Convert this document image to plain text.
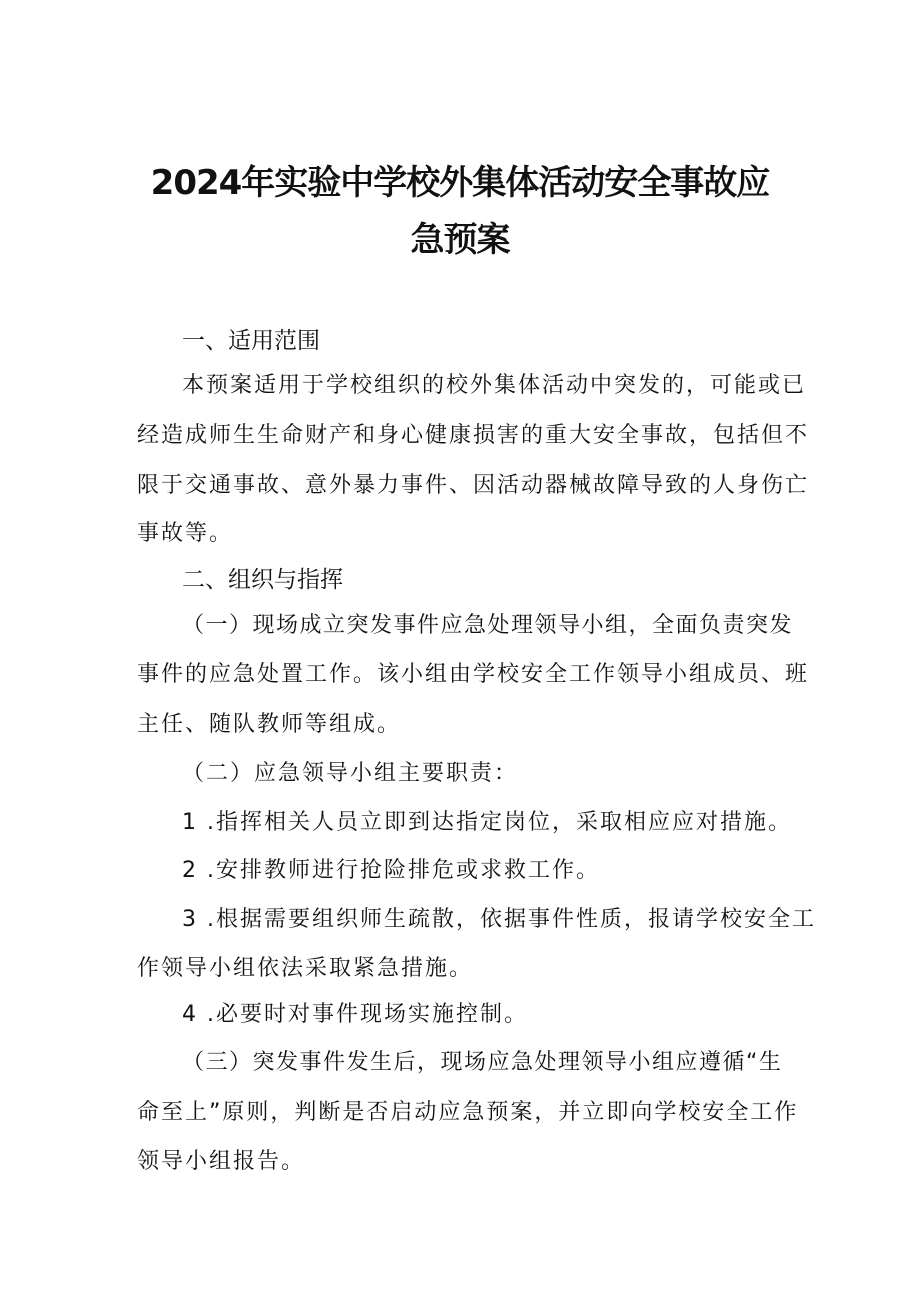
2024年实验中学校外集体活动安全事故应
急预案
一、适用范围
本预案适用于学校组织的校外集体活动中突发的，可能或已
经造成师生生命财产和身心健康损害的重大安全事故，包括但不
限于交通事故、意外暴力事件、因活动器械故障导致的人身伤亡
事故等。
二、组织与指挥
（一）现场成立突发事件应急处理领导小组，全面负责突发
事件的应急处置工作。该小组由学校安全工作领导小组成员、班
主任、随队教师等组成。
（二）应急领导小组主要职责：
1 .指挥相关人员立即到达指定岗位，采取相应应对措施。
2 .安排教师进行抢险排危或求救工作。
3 .根据需要组织师生疏散，依据事件性质，报请学校安全工
作领导小组依法采取紧急措施。
4 .必要时对事件现场实施控制。
（三）突发事件发生后，现场应急处理领导小组应遵循“生
命至上”原则，判断是否启动应急预案，并立即向学校安全工作
领导小组报告。
